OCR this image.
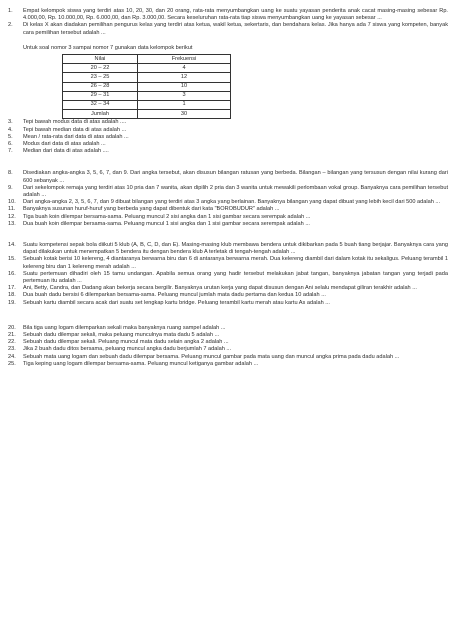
1.	Empat kelompok siswa yang terdiri atas 10, 20, 30, dan 20 orang, rata-rata menyumbangkan uang ke suatu yayasan penderita anak cacat masing-masing sebesar Rp. 4.000,00, Rp. 10.000,00, Rp. 6.000,00, dan Rp. 3.000,00. Secara keseluruhan rata-rata tiap siswa menyumbangkan uang ke yayasan sebesar ...
2.	Di kelas X akan diadakan pemilihan pengurus kelas yang terdiri atas ketua, wakil ketua, sekertaris, dan bendahara kelas. Jika hanya ada 7 siswa yang kompeten, banyak cara pemilihan tersebut adalah ...
Untuk soal nomor 3 sampai nomor 7 gunakan data kelompok berikut
Nilai	Frekuensi
20 – 22	4
23 – 25	12
26 – 28	10
29 – 31	3
32 – 34	1
Jumlah	30
3.	Tepi bawah modus data di atas adalah ....
4.	Tepi bawah median data di atas adalah ...
5.	Mean / rata-rata dari data di atas adalah ...
6.	Modus dari data di atas adalah ...
7.	Median dari data di atas adalah ....
8.	Disediakan angka-angka 3, 5, 6, 7, dan 9. Dari angka tersebut, akan disusun bilangan ratusan yang berbeda. Bilangan – bilangan yang tersusun dengan nilai kurang dari 600 sebanyak ...
9.	Dari sekelompok remaja yang terdiri atas 10 pria dan 7 wanita, akan dipilih 2 pria dan 3 wanita untuk mewakili perlombaan vokal group. Banyaknya cara pemilihan tersebut adalah ...
10.	Dari angka-angka 2, 3, 5, 6, 7, dan 9 dibuat bilangan yang terdiri atas 3 angka yang berlainan. Banyaknya bilangan yang dapat dibuat yang lebih kecil dari 500 adalah ...
11.	Banyaknya susunan huruf-huruf yang berbeda yang dapat dibentuk dari kata "BOROBUDUR" adalah ...
12.	Tiga buah koin dilempar bersama-sama. Peluang muncul 2 sisi angka dan 1 sisi gambar secara serempak adalah ...
13.	Dua buah koin dilempar bersama-sama. Peluang muncul 1 sisi angka dan 1 sisi gambar secara serempak adalah ...
14.	Suatu kompetensi sepak bola diikuti 5 klub (A, B, C, D, dan E). Masing-masing klub membawa bendera untuk dikibarkan pada 5 buah tiang berjajar. Banyaknya cara yang dapat dilakukan untuk menempatkan 5 bendera itu dengan bendera klub A terletak di tengah-tengah adalah ...
15.	Sebuah kotak berisi 10 kelereng, 4 diantaranya berwarna biru dan 6 di antaranya berwarna merah. Dua kelereng diambil dari dalam kotak itu sekaligus. Peluang terambil 1 kelereng biru dan 1 kelereng merah adalah ...
16.	Suatu pertemuan dihadiri oleh 15 tamu undangan. Apabila semua orang yang hadir tersebut melakukan jabat tangan, banyaknya jabatan tangan yang terjadi pada pertemuan itu adalah ...
17.	Ani, Betty, Candra, dan Dadang akan bekerja secara bergilir. Banyaknya urutan kerja yang dapat disusun dengan Ani selalu mendapat giliran terakhir adalah ...
18.	Dua buah dadu bersisi 6 dilemparkan bersama-sama. Peluang muncul jumlah mata dadu pertama dan kedua 10 adalah ...
19.	Sebuah kartu diambil secara acak dari suatu set lengkap kartu bridge. Peluang terambil kartu merah atau kartu As adalah ...
20.	Bila tiga uang logam dilemparkan sekali maka banyaknya ruang sampel adalah ...
21.	Sebuah dadu dilempar sekali, maka peluang munculnya mata dadu 5 adalah ...
22.	Sebuah dadu dilempar sekali. Peluang muncul mata dadu selain angka 2 adalah ...
23.	Jika 2 buah dadu ditos bersama, peluang muncul angka dadu berjumlah 7 adalah ...
24.	Sebuah mata uang logam dan sebuah dadu dilempar bersama. Peluang muncul gambar pada mata uang dan muncul angka prima pada dadu adalah ...
25.	Tiga keping uang logam dilempar bersama-sama. Peluang muncul ketiganya gambar adalah ...
